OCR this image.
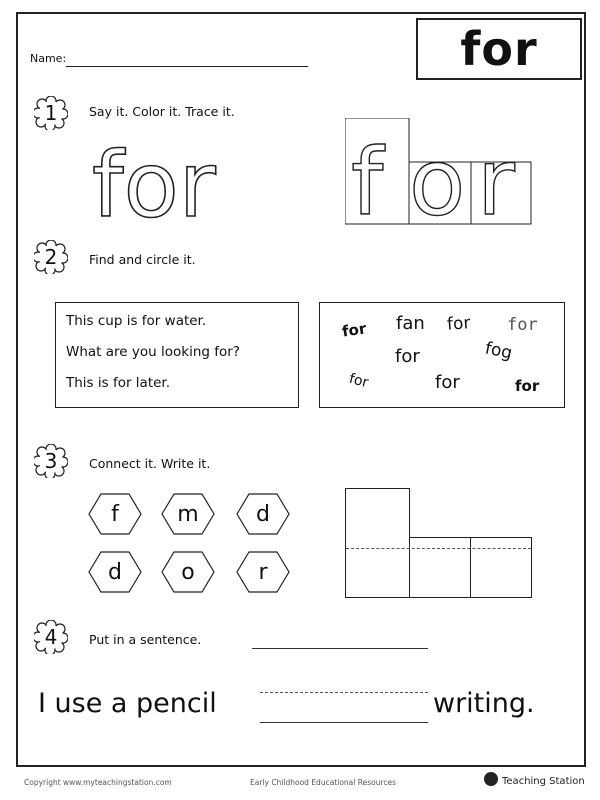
for
Name:
1	Say it. Color it. Trace it.
for f o r
2	Find and circle it.
This cup is for water.
What are you looking for?
This is for later.
for fan for for
for	fog
for	for	for
3	Connect it. Write it.
f	m	d
d	o	r
4	Put in a sentence.
I use a pencil	writing.
Copyright www.myteachingstation.com	Early Childhood Educational Resources	Teaching Station
